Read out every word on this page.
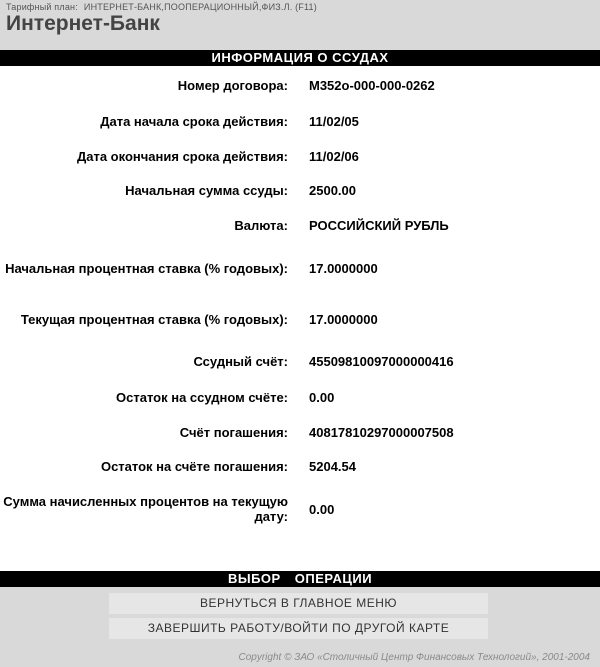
Тарифный план: ИНТЕРНЕТ-БАНК,ПООПЕРАЦИОННЫЙ,ФИЗ.Л. (F11)
Интернет-Банк
ИНФОРМАЦИЯ О ССУДАХ
Номер договора: М352о-000-000-0262
Дата начала срока действия: 11/02/05
Дата окончания срока действия: 11/02/06
Начальная сумма ссуды: 2500.00
Валюта: РОССИЙСКИЙ РУБЛЬ
Начальная процентная ставка (% годовых): 17.0000000
Текущая процентная ставка (% годовых): 17.0000000
Ссудный счёт: 45509810097000000416
Остаток на ссудном счёте: 0.00
Счёт погашения: 40817810297000007508
Остаток на счёте погашения: 5204.54
Сумма начисленных процентов на текущую дату: 0.00
ВЫБОР ОПЕРАЦИИ
ВЕРНУТЬСЯ В ГЛАВНОЕ МЕНЮ
ЗАВЕРШИТЬ РАБОТУ/ВОЙТИ ПО ДРУГОЙ КАРТЕ
Copyright © ЗАО «Столичный Центр Финансовых Технологий», 2001-2004
